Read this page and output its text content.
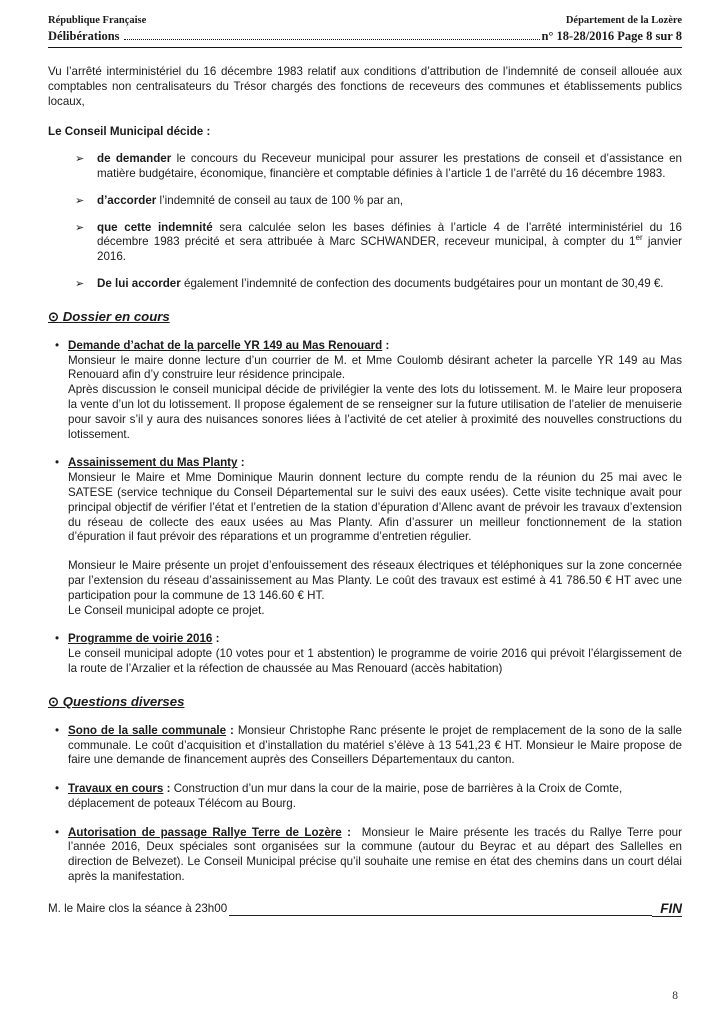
République Française	Département de la Lozère
Délibérations	n° 18-28/2016 Page 8 sur 8

Vu l’arrêté interministériel du 16 décembre 1983 relatif aux conditions d’attribution de l’indemnité de conseil allouée aux comptables non centralisateurs du Trésor chargés des fonctions de receveurs des communes et établissements publics locaux,

Le Conseil Municipal décide :

➢	de demander le concours du Receveur municipal pour assurer les prestations de conseil et d’assistance en matière budgétaire, économique, financière et comptable définies à l’article 1 de l’arrêté du 16 décembre 1983.
➢	d’accorder l’indemnité de conseil au taux de 100 % par an,
➢	que cette indemnité sera calculée selon les bases définies à l’article 4 de l’arrêté interministériel du 16 décembre 1983 précité et sera attribuée à Marc SCHWANDER, receveur municipal, à compter du 1er janvier 2016.
➢	De lui accorder également l’indemnité de confection des documents budgétaires pour un montant de 30,49 €.
⊙ Dossier en cours
• Demande d’achat de la parcelle YR 149 au Mas Renouard :

Monsieur le maire donne lecture d’un courrier de M. et Mme Coulomb désirant acheter la parcelle YR 149 au Mas Renouard afin d’y construire leur résidence principale.

Après discussion le conseil municipal décide de privilégier la vente des lots du lotissement. M. le Maire leur proposera la vente d’un lot du lotissement. Il propose également de se renseigner sur la future utilisation de l’atelier de menuiserie pour savoir s’il y aura des nuisances sonores liées à l’activité de cet atelier à proximité des nouvelles constructions du lotissement.

• Assainissement du Mas Planty :

Monsieur le Maire et Mme Dominique Maurin donnent lecture du compte rendu de la réunion du 25 mai avec le SATESE (service technique du Conseil Départemental sur le suivi des eaux usées). Cette visite technique avait pour principal objectif de vérifier l’état et l’entretien de la station d’épuration d’Allenc avant de prévoir les travaux d’extension du réseau de collecte des eaux usées au Mas Planty. Afin d’assurer un meilleur fonctionnement de la station d’épuration il faut prévoir des réparations et un programme d’entretien régulier.

Monsieur le Maire présente un projet d’enfouissement des réseaux électriques et téléphoniques sur la zone concernée par l’extension du réseau d’assainissement au Mas Planty. Le coût des travaux est estimé à 41 786.50 € HT avec une participation pour la commune de 13 146.60 € HT.

Le Conseil municipal adopte ce projet.

• Programme de voirie 2016 :

Le conseil municipal adopte (10 votes pour et 1 abstention) le programme de voirie 2016 qui prévoit l’élargissement de la route de l’Arzalier et la réfection de chaussée au Mas Renouard (accès habitation)

⊙ Questions diverses
• Sono de la salle communale : Monsieur Christophe Ranc présente le projet de remplacement de la sono de la salle communale. Le coût d’acquisition et d’installation du matériel s’élève à 13 541,23 € HT. Monsieur le Maire propose de faire une demande de financement auprès des Conseillers Départementaux du canton.
• Travaux en cours : Construction d’un mur dans la cour de la mairie, pose de barrières à la Croix de Comte, déplacement de poteaux Télécom au Bourg.
• Autorisation de passage Rallye Terre de Lozère :  Monsieur le Maire présente les tracés du Rallye Terre pour l’année 2016, Deux spéciales sont organisées sur la commune (autour du Beyrac et au départ des Sallelles en direction de Belvezet). Le Conseil Municipal précise qu’il souhaite une remise en état des chemins dans un court délai après la manifestation.
M. le Maire clos la séance à 23h00	FIN
8
